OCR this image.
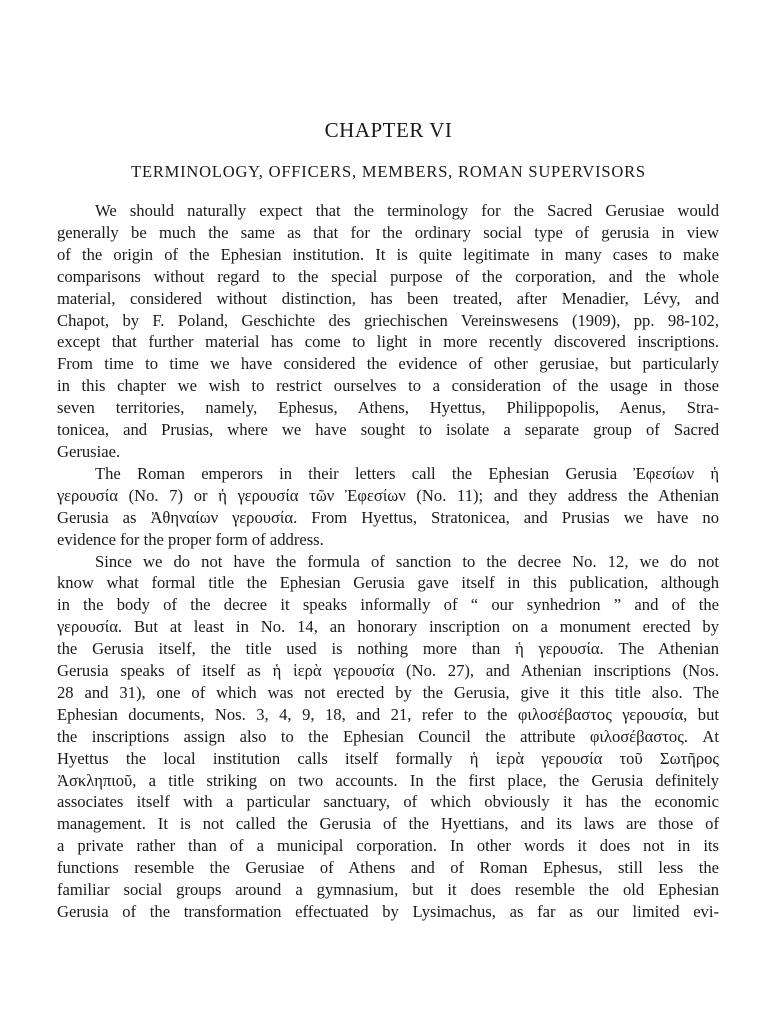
CHAPTER VI
TERMINOLOGY, OFFICERS, MEMBERS, ROMAN SUPERVISORS
We should naturally expect that the terminology for the Sacred Gerusiae would
generally be much the same as that for the ordinary social type of gerusia in view
of the origin of the Ephesian institution. It is quite legitimate in many cases to make
comparisons without regard to the special purpose of the corporation, and the whole
material, considered without distinction, has been treated, after Menadier, Lévy, and
Chapot, by F. Poland, Geschichte des griechischen Vereinswesens (1909), pp. 98-102,
except that further material has come to light in more recently discovered inscriptions.
From time to time we have considered the evidence of other gerusiae, but particularly
in this chapter we wish to restrict ourselves to a consideration of the usage in those
seven territories, namely, Ephesus, Athens, Hyettus, Philippopolis, Aenus, Stra-
tonicea, and Prusias, where we have sought to isolate a separate group of Sacred
Gerusiae.
The Roman emperors in their letters call the Ephesian Gerusia Ἐφεσίων ἡ
γερουσία (No. 7) or ἡ γερουσία τῶν Ἐφεσίων (No. 11); and they address the Athenian
Gerusia as Ἀθηναίων γερουσία. From Hyettus, Stratonicea, and Prusias we have no
evidence for the proper form of address.
Since we do not have the formula of sanction to the decree No. 12, we do not
know what formal title the Ephesian Gerusia gave itself in this publication, although
in the body of the decree it speaks informally of “ our synhedrion ” and of the
γερουσία. But at least in No. 14, an honorary inscription on a monument erected by
the Gerusia itself, the title used is nothing more than ἡ γερουσία. The Athenian
Gerusia speaks of itself as ἡ ἱερὰ γερουσία (No. 27), and Athenian inscriptions (Nos.
28 and 31), one of which was not erected by the Gerusia, give it this title also. The
Ephesian documents, Nos. 3, 4, 9, 18, and 21, refer to the φιλοσέβαστος γερουσία, but
the inscriptions assign also to the Ephesian Council the attribute φιλοσέβαστος. At
Hyettus the local institution calls itself formally ἡ ἱερὰ γερουσία τοῦ Σωτῆρος
Ἀσκληπιοῦ, a title striking on two accounts. In the first place, the Gerusia definitely
associates itself with a particular sanctuary, of which obviously it has the economic
management. It is not called the Gerusia of the Hyettians, and its laws are those of
a private rather than of a municipal corporation. In other words it does not in its
functions resemble the Gerusiae of Athens and of Roman Ephesus, still less the
familiar social groups around a gymnasium, but it does resemble the old Ephesian
Gerusia of the transformation effectuated by Lysimachus, as far as our limited evi-
